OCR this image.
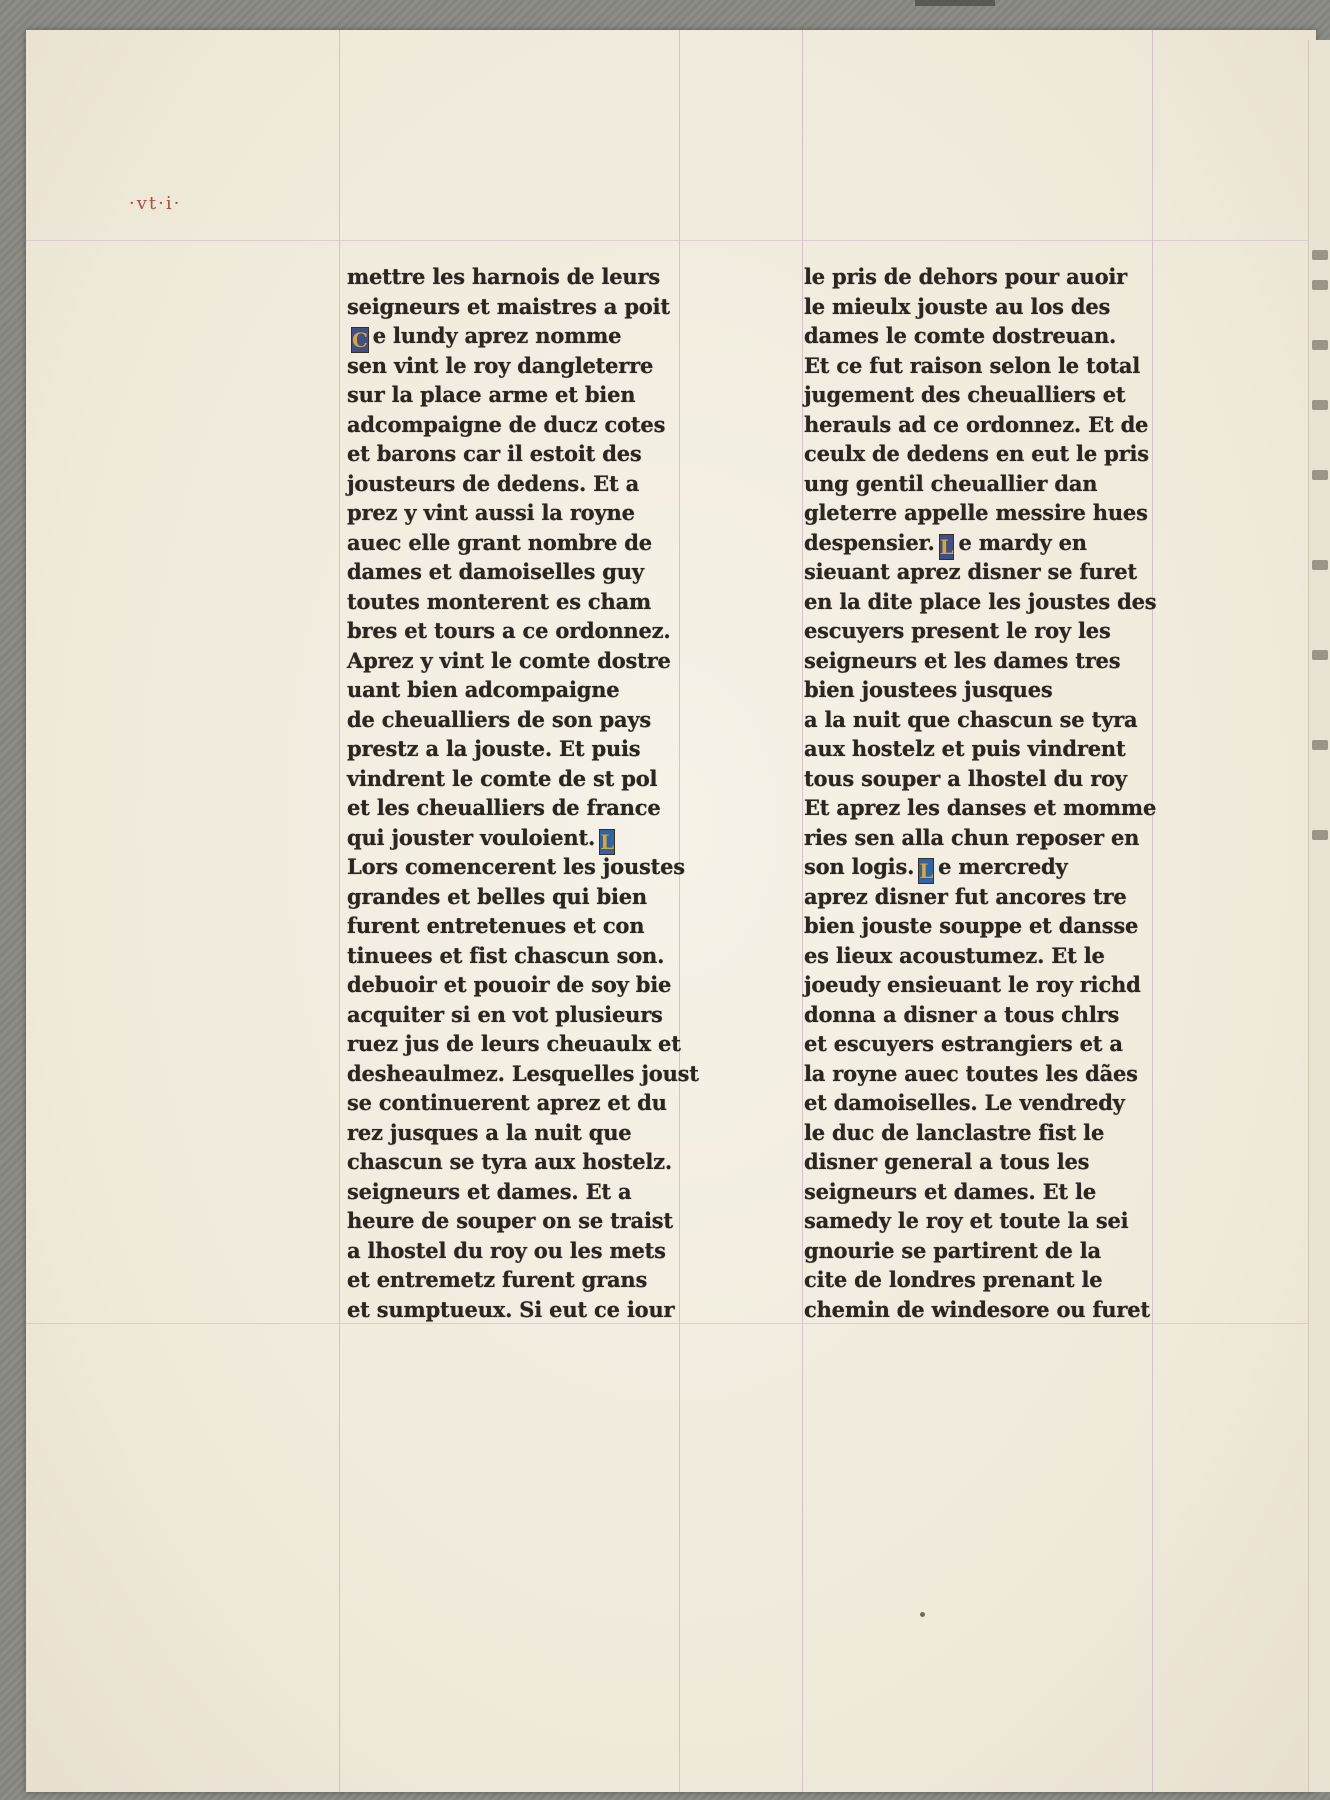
·vt·i·
mettre les harnois de leurs
seigneurs et maistres a poit
C e lundy aprez nomme
sen vint le roy dangleterre
sur la place arme et bien
adcompaigne de ducz cotes
et barons car il estoit des
jousteurs de dedens. Et a
prez y vint aussi la royne
auec elle grant nombre de
dames et damoiselles guy
toutes monterent es cham
bres et tours a ce ordonnez.
Aprez y vint le comte dostre
uant bien adcompaigne
de cheualliers de son pays
prestz a la jouste. Et puis
vindrent le comte de st pol
et les cheualliers de france
qui jouster vouloient. L
Lors comencerent les joustes
grandes et belles qui bien
furent entretenues et con
tinuees et fist chascun son.
debuoir et pouoir de soy bie
acquiter si en vot plusieurs
ruez jus de leurs cheuaulx et
desheaulmez. Lesquelles joust
se continuerent aprez et du
rez jusques a la nuit que
chascun se tyra aux hostelz.
seigneurs et dames. Et a
heure de souper on se traist
a lhostel du roy ou les mets
et entremetz furent grans
et sumptueux. Si eut ce iour
le pris de dehors pour auoir
le mieulx jouste au los des
dames le comte dostreuan.
Et ce fut raison selon le total
jugement des cheualliers et
herauls ad ce ordonnez. Et de
ceulx de dedens en eut le pris
ung gentil cheuallier dan
gleterre appelle messire hues
despensier. L e mardy en
sieuant aprez disner se furet
en la dite place les joustes des
escuyers present le roy les
seigneurs et les dames tres
bien joustees jusques
a la nuit que chascun se tyra
aux hostelz et puis vindrent
tous souper a lhostel du roy
Et aprez les danses et momme
ries sen alla chun reposer en
son logis. L e mercredy
aprez disner fut ancores tre
bien jouste souppe et dansse
es lieux acoustumez. Et le
joeudy ensieuant le roy richd
donna a disner a tous chlrs
et escuyers estrangiers et a
la royne auec toutes les dães
et damoiselles. Le vendredy
le duc de lanclastre fist le
disner general a tous les
seigneurs et dames. Et le
samedy le roy et toute la sei
gnourie se partirent de la
cite de londres prenant le
chemin de windesore ou furet
